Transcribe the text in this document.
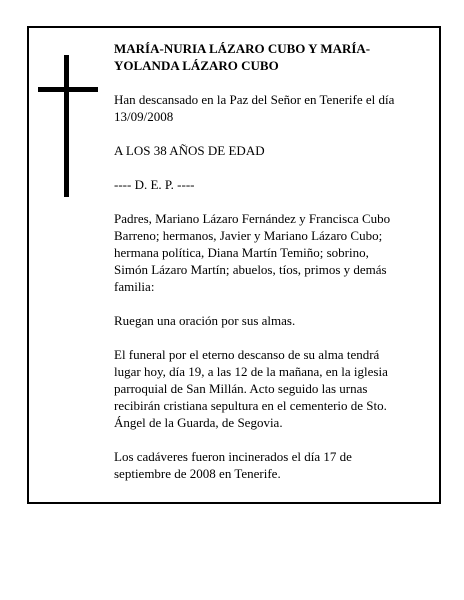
MARÍA-NURIA LÁZARO CUBO Y MARÍA-YOLANDA LÁZARO CUBO

Han descansado en la Paz del Señor en Tenerife el día 13/09/2008

A LOS 38 AÑOS DE EDAD

---- D. E. P. ----

Padres, Mariano Lázaro Fernández y Francisca Cubo Barreno; hermanos, Javier y Mariano Lázaro Cubo; hermana política, Diana Martín Temiño; sobrino, Simón Lázaro Martín; abuelos, tíos, primos y demás familia:

Ruegan una oración por sus almas.

El funeral por el eterno descanso de su alma tendrá lugar hoy, día 19, a las 12 de la mañana, en la iglesia parroquial de San Millán. Acto seguido las urnas recibirán cristiana sepultura en el cementerio de Sto. Ángel de la Guarda, de Segovia.

Los cadáveres fueron incinerados el día 17 de septiembre de 2008 en Tenerife.
